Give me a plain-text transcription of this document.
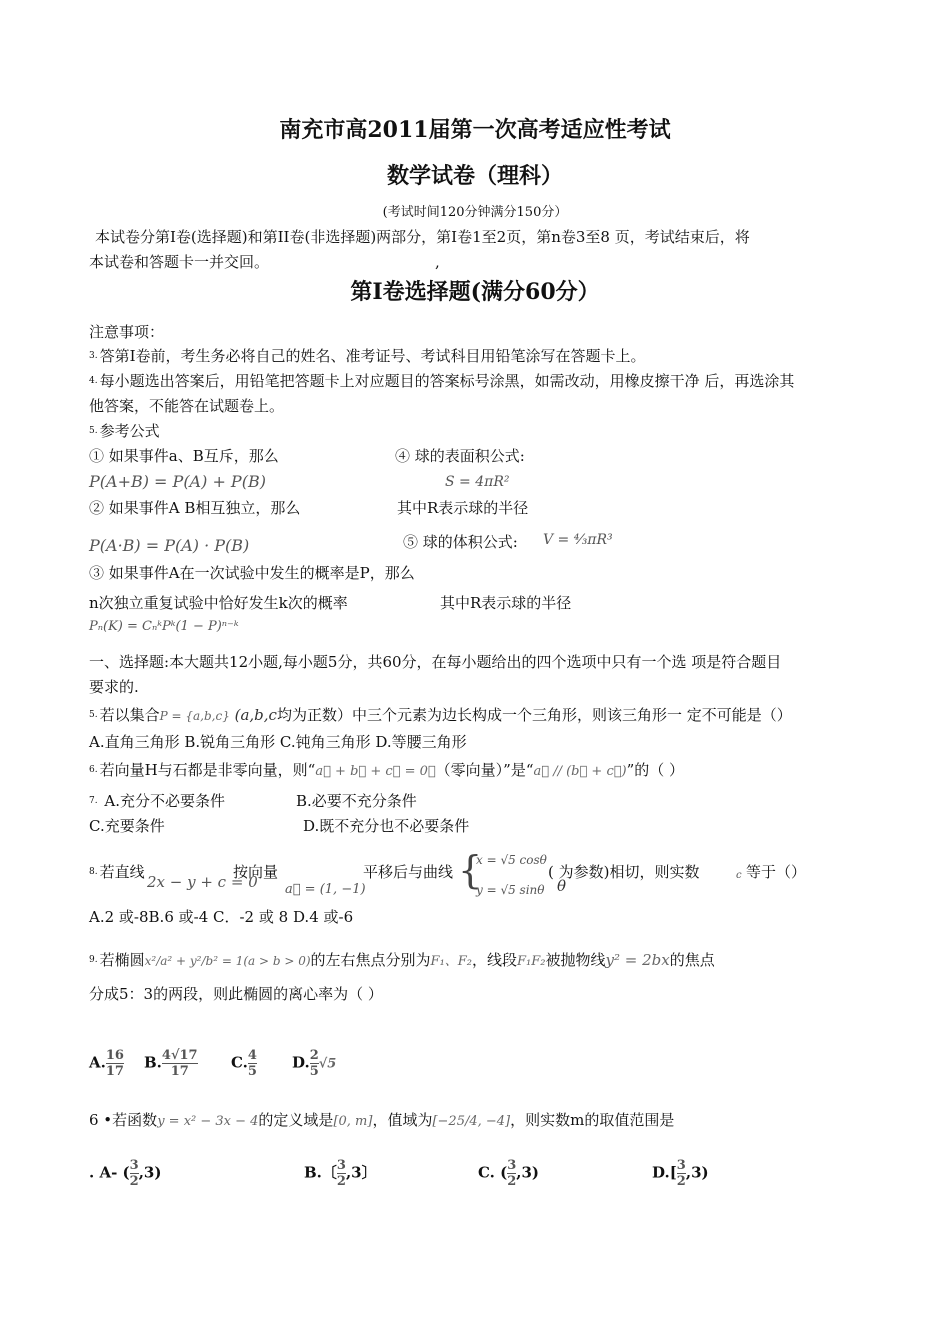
南充市高2011届第一次高考适应性考试
数学试卷（理科）
(考试时间120分钟满分150分）
本试卷分第Ⅰ卷(选择题)和第II卷(非选择题)两部分，第Ⅰ卷1至2页，第n卷3至8 页，考试结束后，将
本试卷和答题卡一并交回。	,
第Ⅰ卷选择题(满分60分）
注意事项：
$^{3.}$ 答第Ⅰ卷前，考生务必将自己的姓名、准考证号、考试科目用铅笔涂写在答题卡上。
$^{4.}$ 每小题选出答案后，用铅笔把答题卡上对应题目的答案标号涂黑，如需改动，用橡皮擦干净 后，再选涂其
他答案，不能答在试题卷上。
$^{5.}$ 参考公式
① 如果事件a、B互斥，那么	④ 球的表面积公式:
P(A+B) = P(A) + P(B)	S = 4πR²
② 如果事件A B相互独立，那么	其中R表示球的半径
P(A·B) = P(A) · P(B)	⑤ 球的体积公式: V = ⁴⁄₃πR³
③ 如果事件A在一次试验中发生的概率是P，那么
n次独立重复试验中恰好发生k次的概率	其中R表示球的半径
Pₙ(K) = CₙᵏPᵏ(1 − P)ⁿ⁻ᵏ
一、选择题:本大题共12小题,每小题5分，共60分，在每小题给出的四个选项中只有一个选 项是符合题目
要求的.
$^{5.}$ 若以集合P = {a,b,c} (a,b,c均为正数）中三个元素为边长构成一个三角形，则该三角形一 定不可能是（）
A.直角三角形 B.锐角三角形 C.钝角三角形 D.等腰三角形
$^{6.}$ 若向量H与石都是非零向量，则“a⃗ + b⃗ + c⃗ = 0⃗（零向量）”是“a⃗ // (b⃗ + c⃗)”的（ ）
$^{7.}$ A.充分不必要条件	B.必要不充分条件
C.充要条件	D.既不充分也不必要条件
$^{8.}$ 若直线
2x − y + c = 0
按向量
a⃗ = (1, −1)
平移后与曲线 {
x = √5 cosθ
y = √5 sinθ
( 为参数)相切，则实数
θ
c 等于（）
A.2 或-8B.6 或-4 C．-2 或 8 D.4 或-6
$^{9.}$ 若椭圆x²/a² + y²/b² = 1(a > b > 0)的左右焦点分别为F₁、F₂，线段F₁F₂被抛物线y² = 2bx的焦点
分成5：3的两段，则此椭圆的离心率为（ ）
A. $\frac{16}{17} B$. $\frac{4√17}{17} C$. $\frac{4}{5} D$. $\frac{2}{5} √5$
6 •若函数y = x² − 3x − 4的定义域是[0, m]，值域为[−25/4, −4]，则实数m的取值范围是
. A- ( $\frac{3}{2} ,3$)	B.〔 $\frac{3}{2} ,3$〕	C. ( $\frac{3}{2} ,3$)	$D.[ \frac{3}{2} ,3)$
